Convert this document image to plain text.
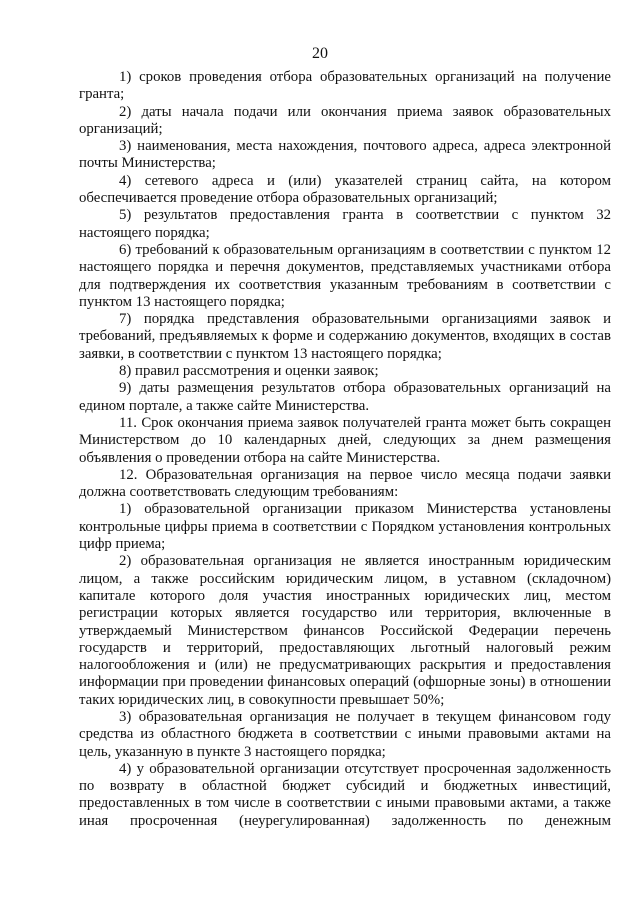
20

1) сроков проведения отбора образовательных организаций на получение гранта;

2) даты начала подачи или окончания приема заявок образовательных организаций;

3) наименования, места нахождения, почтового адреса, адреса электронной почты Министерства;

4) сетевого адреса и (или) указателей страниц сайта, на котором обеспечивается проведение отбора образовательных организаций;

5) результатов предоставления гранта в соответствии с пунктом 32 настоящего порядка;

6) требований к образовательным организациям в соответствии с пунктом 12 настоящего порядка и перечня документов, представляемых участниками отбора для подтверждения их соответствия указанным требованиям в соответствии с пунктом 13 настоящего порядка;

7) порядка представления образовательными организациями заявок и требований, предъявляемых к форме и содержанию документов, входящих в состав заявки, в соответствии с пунктом 13 настоящего порядка;

8) правил рассмотрения и оценки заявок;

9) даты размещения результатов отбора образовательных организаций на едином портале, а также сайте Министерства.

11. Срок окончания приема заявок получателей гранта может быть сокращен Министерством до 10 календарных дней, следующих за днем размещения объявления о проведении отбора на сайте Министерства.

12. Образовательная организация на первое число месяца подачи заявки должна соответствовать следующим требованиям:

1) образовательной организации приказом Министерства установлены контрольные цифры приема в соответствии с Порядком установления контрольных цифр приема;

2) образовательная организация не является иностранным юридическим лицом, а также российским юридическим лицом, в уставном (складочном) капитале которого доля участия иностранных юридических лиц, местом регистрации которых является государство или территория, включенные в утверждаемый Министерством финансов Российской Федерации перечень государств и территорий, предоставляющих льготный налоговый режим налогообложения и (или) не предусматривающих раскрытия и предоставления информации при проведении финансовых операций (офшорные зоны) в отношении таких юридических лиц, в совокупности превышает 50%;

3) образовательная организация не получает в текущем финансовом году средства из областного бюджета в соответствии с иными правовыми актами на цель, указанную в пункте 3 настоящего порядка;

4) у образовательной организации отсутствует просроченная задолженность по возврату в областной бюджет субсидий и бюджетных инвестиций, предоставленных в том числе в соответствии с иными правовыми актами, а также иная просроченная (неурегулированная) задолженность по денежным
